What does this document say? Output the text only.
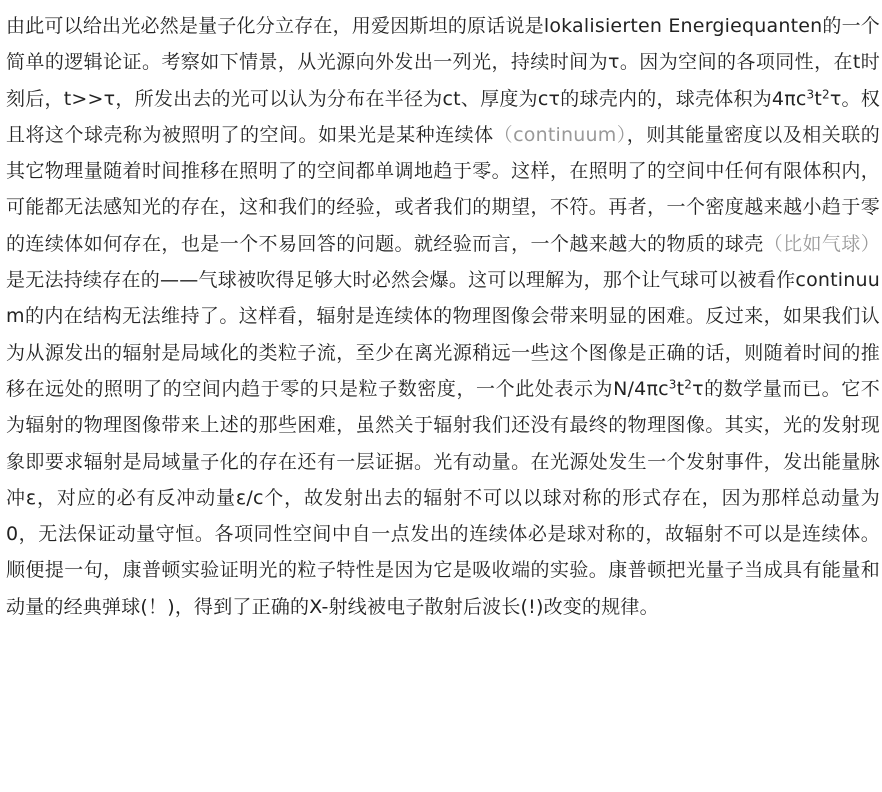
由此可以给出光必然是量子化分立存在，用爱因斯坦的原话说是lokalisierten Energiequanten的一个简单的逻辑论证。考察如下情景，从光源向外发出一列光，持续时间为τ。因为空间的各项同性，在t时刻后，t>>τ，所发出去的光可以认为分布在半径为ct、厚度为cτ的球壳内的，球壳体积为$4\pi c^3t^2\tau$。权且将这个球壳称为被照明了的空间。如果光是某种连续体（continuum），则其能量密度以及相关联的其它物理量随着时间推移在照明了的空间都单调地趋于零。这样，在照明了的空间中任何有限体积内，可能都无法感知光的存在，这和我们的经验，或者我们的期望，不符。再者，一个密度越来越小趋于零的连续体如何存在，也是一个不易回答的问题。就经验而言，一个越来越大的物质的球壳（比如气球）是无法持续存在的——气球被吹得足够大时必然会爆。这可以理解为，那个让气球可以被看作continuum的内在结构无法维持了。这样看，辐射是连续体的物理图像会带来明显的困难。反过来，如果我们认为从源发出的辐射是局域化的类粒子流，至少在离光源稍远一些这个图像是正确的话，则随着时间的推移在远处的照明了的空间内趋于零的只是粒子数密度，一个此处表示为$N/4\pi c^3t^2\tau$的数学量而已。它不为辐射的物理图像带来上述的那些困难，虽然关于辐射我们还没有最终的物理图像。其实，光的发射现象即要求辐射是局域量子化的存在还有一层证据。光有动量。在光源处发生一个发射事件，发出能量脉冲ε，对应的必有反冲动量ε/c个，故发射出去的辐射不可以以球对称的形式存在，因为那样总动量为0，无法保证动量守恒。各项同性空间中自一点发出的连续体必是球对称的，故辐射不可以是连续体。顺便提一句，康普顿实验证明光的粒子特性是因为它是吸收端的实验。康普顿把光量子当成具有能量和动量的经典弹球(！)，得到了正确的X-射线被电子散射后波长(!)改变的规律。
